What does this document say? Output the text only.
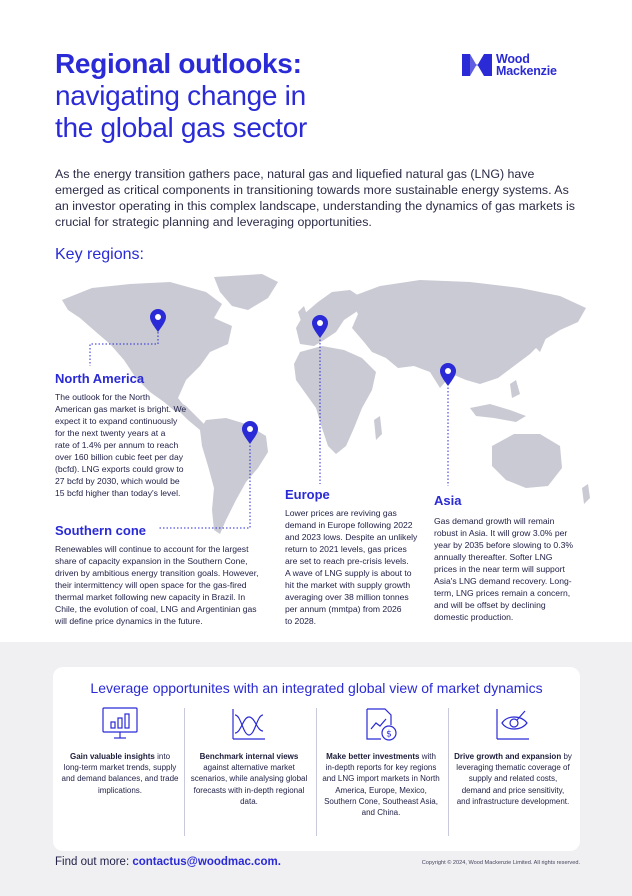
Regional outlooks:
navigating change in
the global gas sector
Wood
Mackenzie
As the energy transition gathers pace, natural gas and liquefied natural gas (LNG) have emerged as critical components in transitioning towards more sustainable energy systems. As an investor operating in this complex landscape, understanding the dynamics of gas markets is crucial for strategic planning and leveraging opportunities.
Key regions:
North America
The outlook for the North
American gas market is bright. We
expect it to expand continuously
for the next twenty years at a
rate of 1.4% per annum to reach
over 160 billion cubic feet per day
(bcfd). LNG exports could grow to
27 bcfd by 2030, which would be
15 bcfd higher than today's level.
Southern cone
Renewables will continue to account for the largest
share of capacity expansion in the Southern Cone,
driven by ambitious energy transition goals. However,
their intermittency will open space for the gas-fired
thermal market following new capacity in Brazil. In
Chile, the evolution of coal, LNG and Argentinian gas
will define price dynamics in the future.
Europe
Lower prices are reviving gas
demand in Europe following 2022
and 2023 lows. Despite an unlikely
return to 2021 levels, gas prices
are set to reach pre-crisis levels.
A wave of LNG supply is about to
hit the market with supply growth
averaging over 38 million tonnes
per annum (mmtpa) from 2026
to 2028.
Asia
Gas demand growth will remain
robust in Asia. It will grow 3.0% per
year by 2035 before slowing to 0.3%
annually thereafter. Softer LNG
prices in the near term will support
Asia's LNG demand recovery. Long-
term, LNG prices remain a concern,
and will be offset by declining
domestic production.
Leverage opportunites with an integrated global view of market dynamics
Gain valuable insights into long-term market trends, supply and demand balances, and trade implications.
Benchmark internal views against alternative market scenarios, while analysing global forecasts with in-depth regional data.
$
Make better investments with in-depth reports for key regions and LNG import markets in North America, Europe, Mexico, Southern Cone, Southeast Asia, and China.
Drive growth and expansion by leveraging thematic coverage of supply and related costs, demand and price sensitivity, and infrastructure development.
Find out more: contactus@woodmac.com.	Copyright © 2024, Wood Mackenzie Limited. All rights reserved.
